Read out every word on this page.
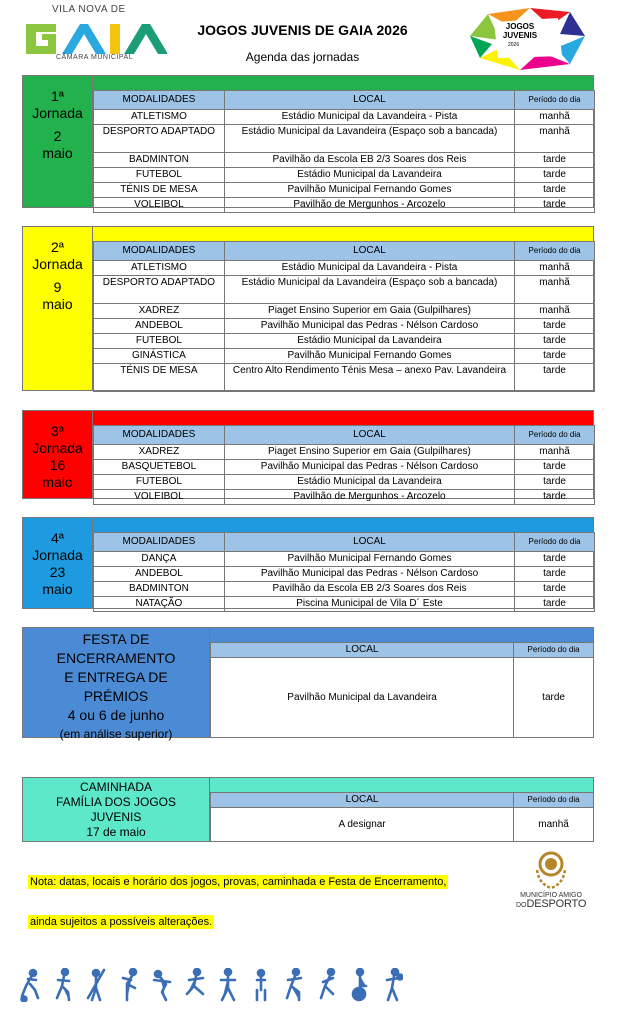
VILA NOVA DE
CÂMARA MUNICIPAL
JOGOS JUVENIS DE GAIA 2026
Agenda das jornadas
JOGOS
JUVENIS
2026
1ª
Jornada
2
maio
MODALIDADES	LOCAL	Período do dia
ATLETISMO	Estádio Municipal da Lavandeira - Pista	manhã
DESPORTO ADAPTADO	Estádio Municipal da Lavandeira (Espaço sob a bancada)	manhã
BADMINTON	Pavilhão da Escola EB 2/3 Soares dos Reis	tarde
FUTEBOL	Estádio Municipal da Lavandeira	tarde
TÉNIS DE MESA	Pavilhão Municipal Fernando Gomes	tarde
VOLEIBOL	Pavilhão de Mergunhos - Arcozelo	tarde
2ª
Jornada
9
maio
MODALIDADES	LOCAL	Período do dia
ATLETISMO	Estádio Municipal da Lavandeira - Pista	manhã
DESPORTO ADAPTADO	Estádio Municipal da Lavandeira (Espaço sob a bancada)	manhã
XADREZ	Piaget Ensino Superior em Gaia (Gulpilhares)	manhã
ANDEBOL	Pavilhão Municipal das Pedras - Nélson Cardoso	tarde
FUTEBOL	Estádio Municipal da Lavandeira	tarde
GINÁSTICA	Pavilhão Municipal Fernando Gomes	tarde
TÉNIS DE MESA	Centro Alto Rendimento Ténis Mesa – anexo Pav. Lavandeira	tarde
3ª
Jornada
16
maio
MODALIDADES	LOCAL	Período do dia
XADREZ	Piaget Ensino Superior em Gaia (Gulpilhares)	manhã
BASQUETEBOL	Pavilhão Municipal das Pedras - Nélson Cardoso	tarde
FUTEBOL	Estádio Municipal da Lavandeira	tarde
VOLEIBOL	Pavilhão de Mergunhos - Arcozelo	tarde
4ª
Jornada
23
maio
MODALIDADES	LOCAL	Período do dia
DANÇA	Pavilhão Municipal Fernando Gomes	tarde
ANDEBOL	Pavilhão Municipal das Pedras - Nélson Cardoso	tarde
BADMINTON	Pavilhão da Escola EB 2/3 Soares dos Reis	tarde
NATAÇÃO	Piscina Municipal de Vila D´ Este	tarde
FESTA DE
ENCERRAMENTO
E ENTREGA DE
PRÉMIOS
4 ou 6 de junho
(em análise superior)
LOCAL	Período do dia
Pavilhão Municipal da Lavandeira	tarde
CAMINHADA
FAMÍLIA DOS JOGOS
JUVENIS
17 de maio
LOCAL	Período do dia
A designar	manhã
Nota: datas, locais e horário dos jogos, provas, caminhada e Festa de Encerramento,
ainda sujeitos a possíveis alterações.
MUNICÍPIO AMIGO
DODESPORTO
